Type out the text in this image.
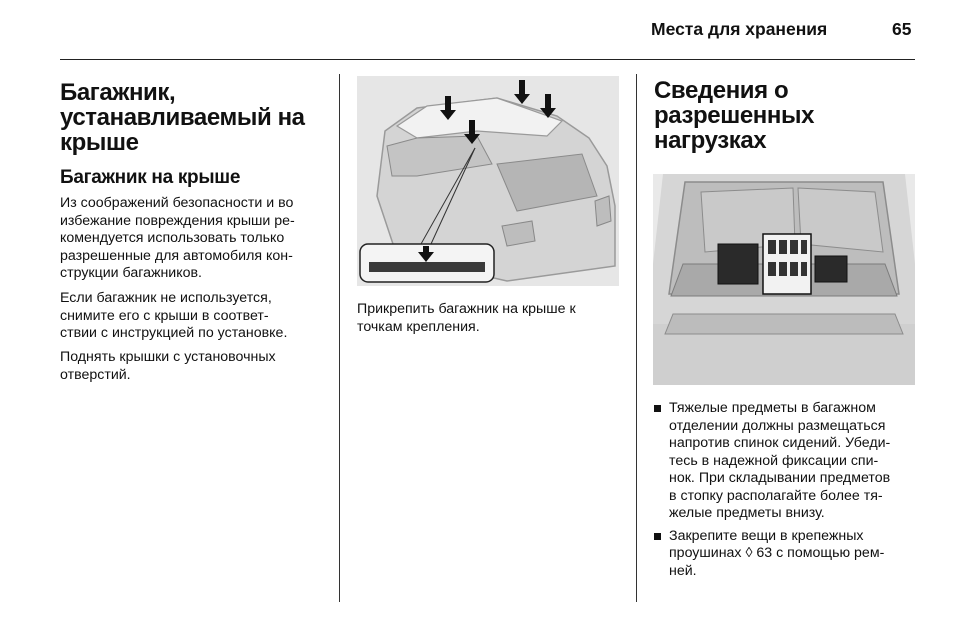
Места для хранения	65
Багажник,
устанавливаемый на
крыше
Багажник на крыше

Из соображений безопасности и во
избежание повреждения крыши ре-
комендуется использовать только
разрешенные для автомобиля кон-
струкции багажников.

Если багажник не используется,
снимите его с крыши в соответ-
ствии с инструкцией по установке.

Поднять крышки с установочных
отверстий.

Прикрепить багажник на крыше к
точкам крепления.

Сведения о
разрешенных
нагрузках
Тяжелые предметы в багажном
отделении должны размещаться
напротив спинок сидений. Убеди-
тесь в надежной фиксации спи-
нок. При складывании предметов
в стопку располагайте более тя-
желые предметы внизу.
Закрепите вещи в крепежных
проушинах ◊ 63 с помощью рем-
ней.
